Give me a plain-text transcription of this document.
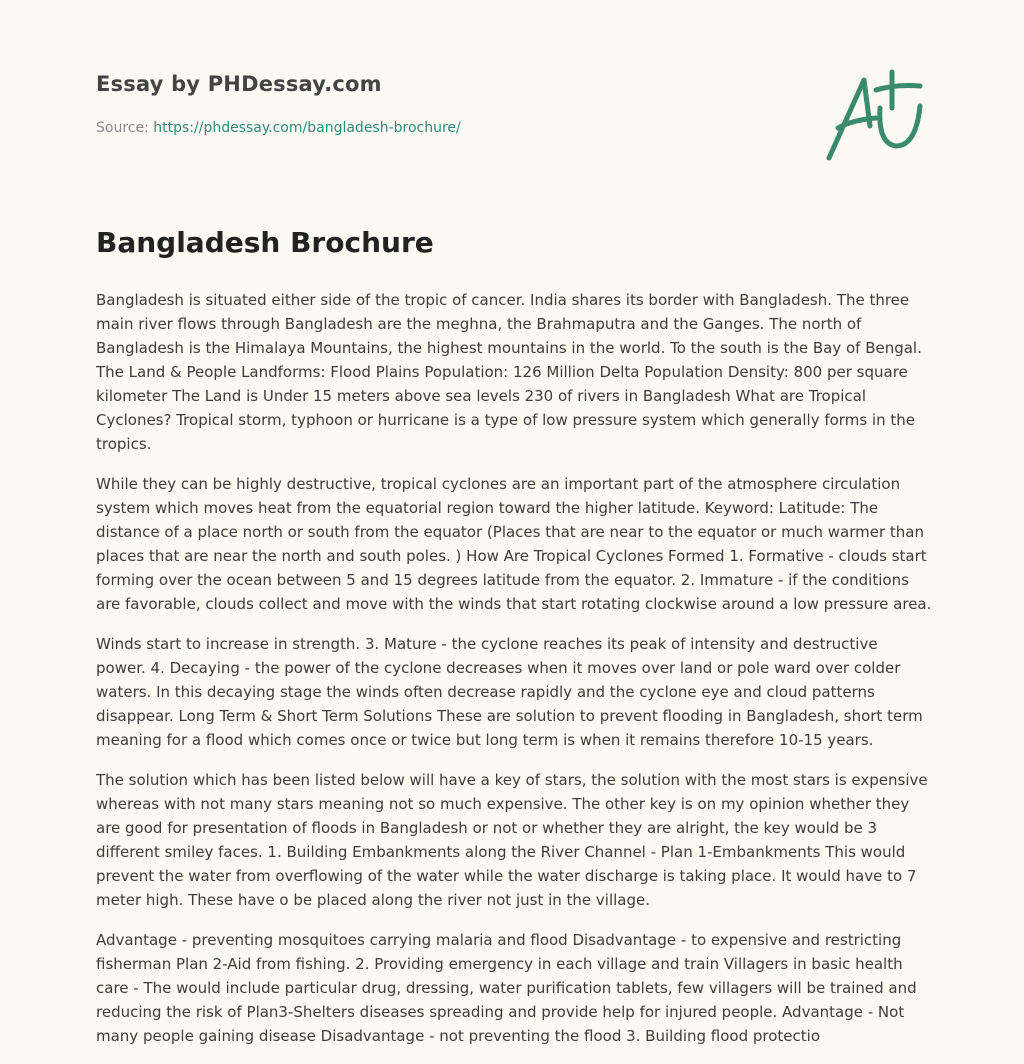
Essay by PHDessay.com
Source: https://phdessay.com/bangladesh-brochure/
Bangladesh Brochure

Bangladesh is situated either side of the tropic of cancer. India shares its border with Bangladesh. The three main river flows through Bangladesh are the meghna, the Brahmaputra and the Ganges. The north of Bangladesh is the Himalaya Mountains, the highest mountains in the world. To the south is the Bay of Bengal. The Land & People Landforms: Flood Plains Population: 126 Million Delta Population Density: 800 per square kilometer The Land is Under 15 meters above sea levels 230 of rivers in Bangladesh What are Tropical Cyclones? Tropical storm, typhoon or hurricane is a type of low pressure system which generally forms in the tropics.

While they can be highly destructive, tropical cyclones are an important part of the atmosphere circulation system which moves heat from the equatorial region toward the higher latitude. Keyword: Latitude: The distance of a place north or south from the equator (Places that are near to the equator or much warmer than places that are near the north and south poles. ) How Are Tropical Cyclones Formed 1. Formative - clouds start forming over the ocean between 5 and 15 degrees latitude from the equator. 2. Immature - if the conditions are favorable, clouds collect and move with the winds that start rotating clockwise around a low pressure area.

Winds start to increase in strength. 3. Mature - the cyclone reaches its peak of intensity and destructive power. 4. Decaying - the power of the cyclone decreases when it moves over land or pole ward over colder waters. In this decaying stage the winds often decrease rapidly and the cyclone eye and cloud patterns disappear. Long Term & Short Term Solutions These are solution to prevent flooding in Bangladesh, short term meaning for a flood which comes once or twice but long term is when it remains therefore 10-15 years.

The solution which has been listed below will have a key of stars, the solution with the most stars is expensive whereas with not many stars meaning not so much expensive. The other key is on my opinion whether they are good for presentation of floods in Bangladesh or not or whether they are alright, the key would be 3 different smiley faces. 1. Building Embankments along the River Channel - Plan 1-Embankments This would prevent the water from overflowing of the water while the water discharge is taking place. It would have to 7 meter high. These have o be placed along the river not just in the village.

Advantage - preventing mosquitoes carrying malaria and flood Disadvantage - to expensive and restricting fisherman Plan 2-Aid from fishing. 2. Providing emergency in each village and train Villagers in basic health care - The would include particular drug, dressing, water purification tablets, few villagers will be trained and reducing the risk of Plan3-Shelters diseases spreading and provide help for injured people. Advantage - Not many people gaining disease Disadvantage - not preventing the flood 3. Building flood protectio
